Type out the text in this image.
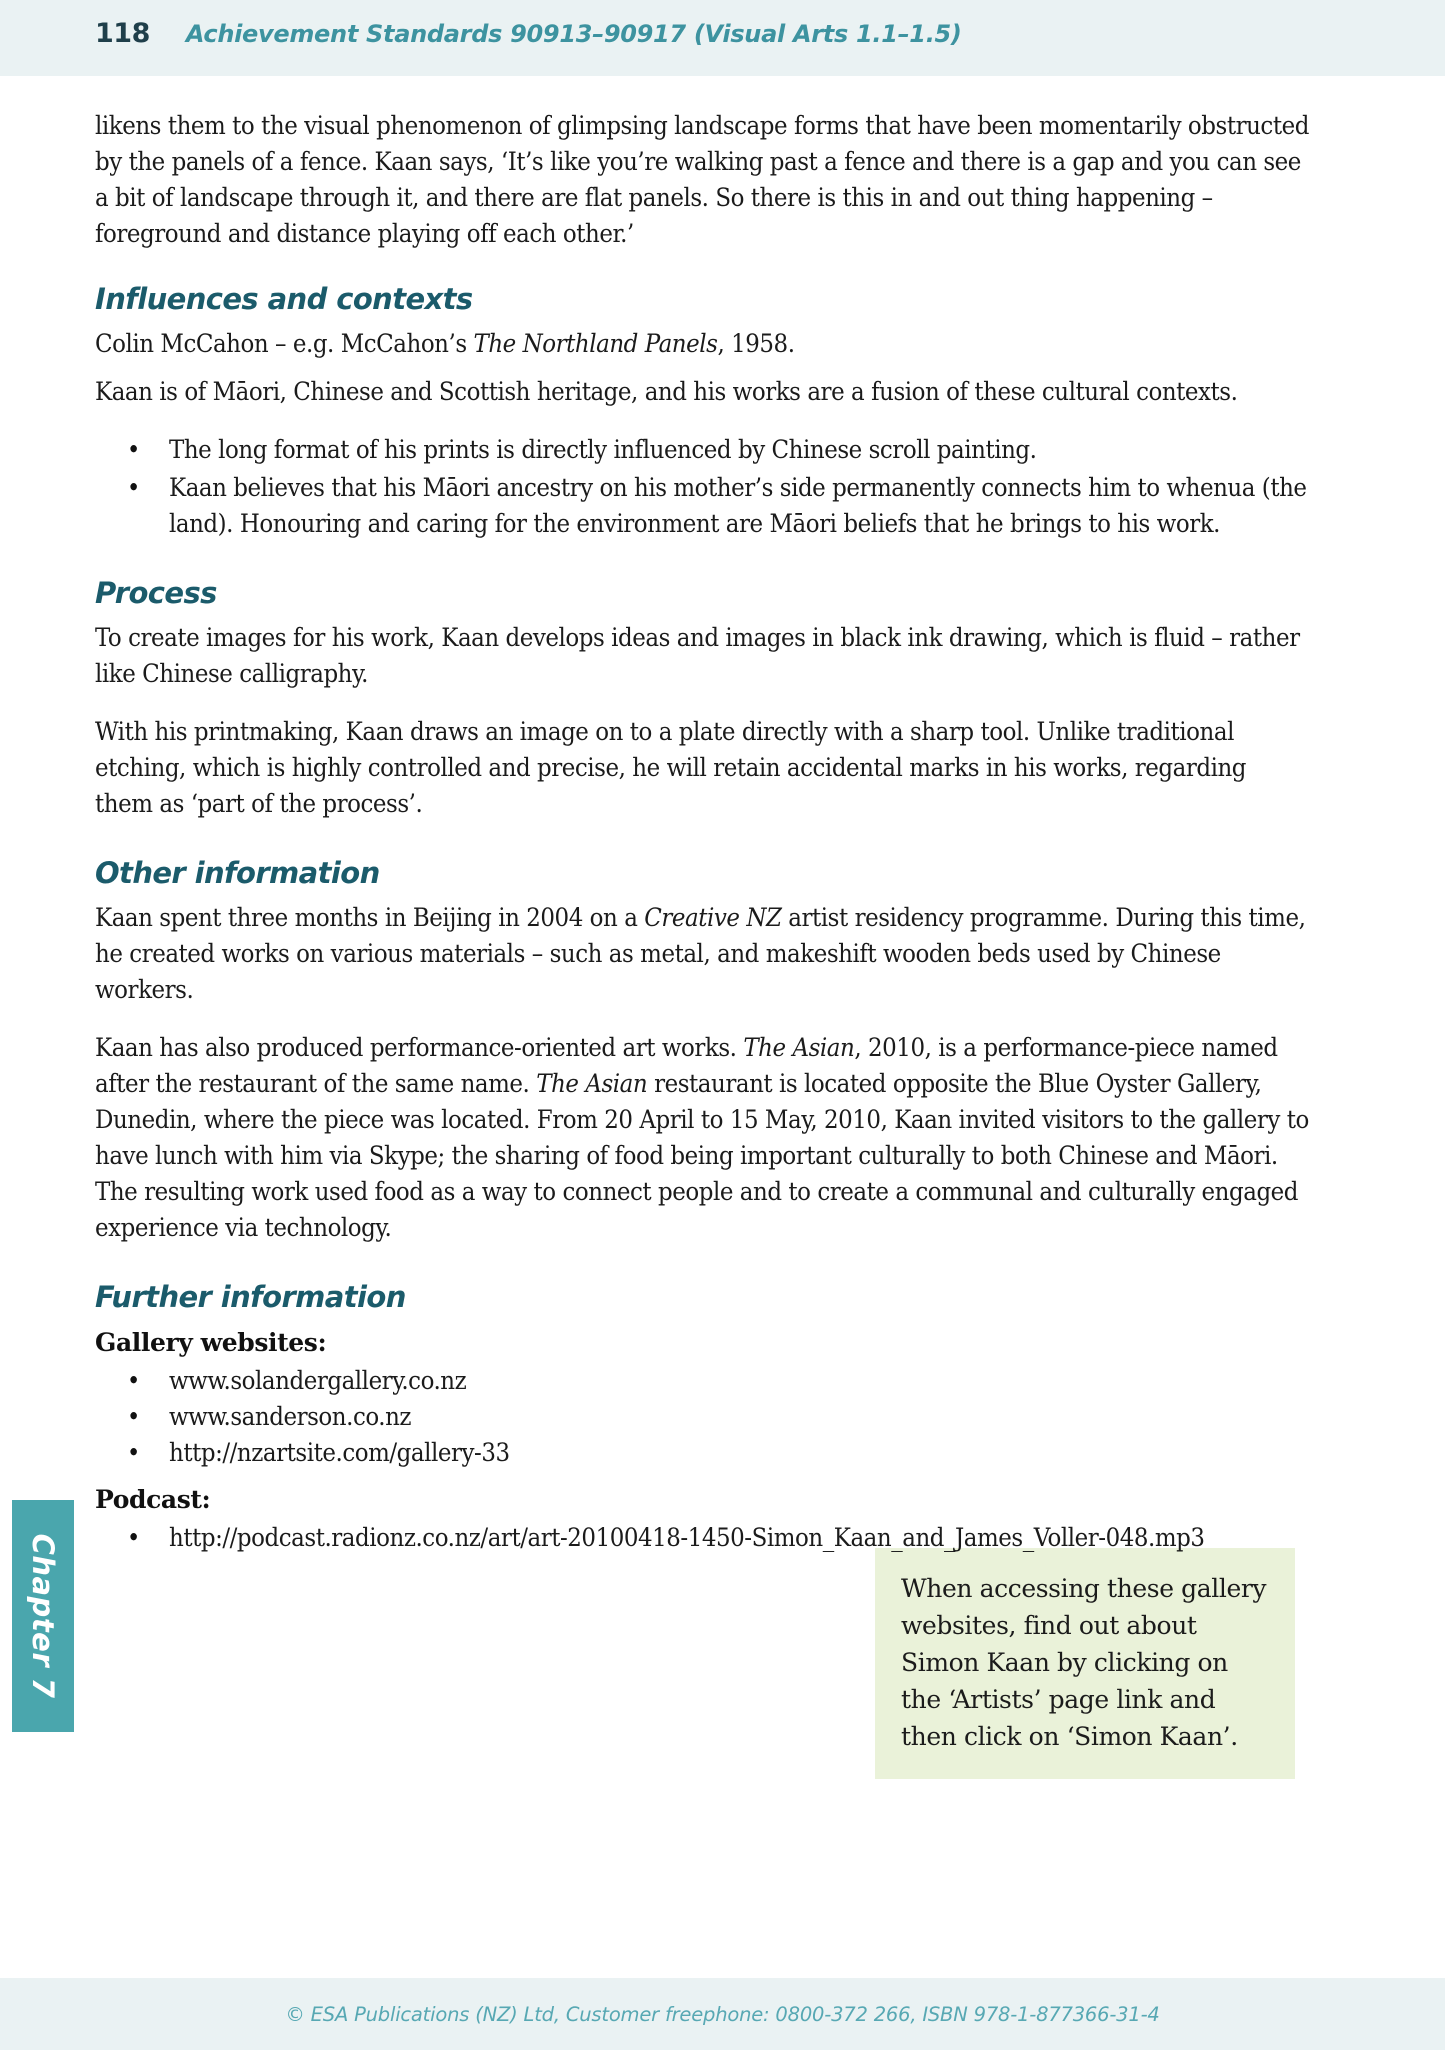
118 Achievement Standards 90913–90917 (Visual Arts 1.1–1.5)
Chapter 7	When accessing these gallery websites, find out about Simon Kaan by clicking on the ‘Artists’ page link and then click on ‘Simon Kaan’.

likens them to the visual phenomenon of glimpsing landscape forms that have been momentarily obstructed by the panels of a fence. Kaan says, ‘It’s like you’re walking past a fence and there is a gap and you can see a bit of landscape through it, and there are flat panels. So there is this in and out thing happening – foreground and distance playing off each other.’

Influences and contexts

Colin McCahon – e.g. McCahon’s The Northland Panels, 1958.

Kaan is of Māori, Chinese and Scottish heritage, and his works are a fusion of these cultural contexts.

• The long format of his prints is directly influenced by Chinese scroll painting.
• Kaan believes that his Māori ancestry on his mother’s side permanently connects him to whenua (the land). Honouring and caring for the environment are Māori beliefs that he brings to his work.
Process

To create images for his work, Kaan develops ideas and images in black ink drawing, which is fluid – rather like Chinese calligraphy.

With his printmaking, Kaan draws an image on to a plate directly with a sharp tool. Unlike traditional etching, which is highly controlled and precise, he will retain accidental marks in his works, regarding them as ‘part of the process’.

Other information

Kaan spent three months in Beijing in 2004 on a Creative NZ artist residency programme. During this time, he created works on various materials – such as metal, and makeshift wooden beds used by Chinese workers.

Kaan has also produced performance-oriented art works. The Asian, 2010, is a performance-piece named after the restaurant of the same name. The Asian restaurant is located opposite the Blue Oyster Gallery, Dunedin, where the piece was located. From 20 April to 15 May, 2010, Kaan invited visitors to the gallery to have lunch with him via Skype; the sharing of food being important culturally to both Chinese and Māori. The resulting work used food as a way to connect people and to create a communal and culturally engaged experience via technology.

Further information
Gallery websites:
• www.solandergallery.co.nz
• www.sanderson.co.nz
• http://nzartsite.com/gallery-33
Podcast:
• http://podcast.radionz.co.nz/art/art-20100418-1450-Simon_Kaan_and_James_Voller-048.mp3
© ESA Publications (NZ) Ltd, Customer freephone: 0800-372 266, ISBN 978-1-877366-31-4
